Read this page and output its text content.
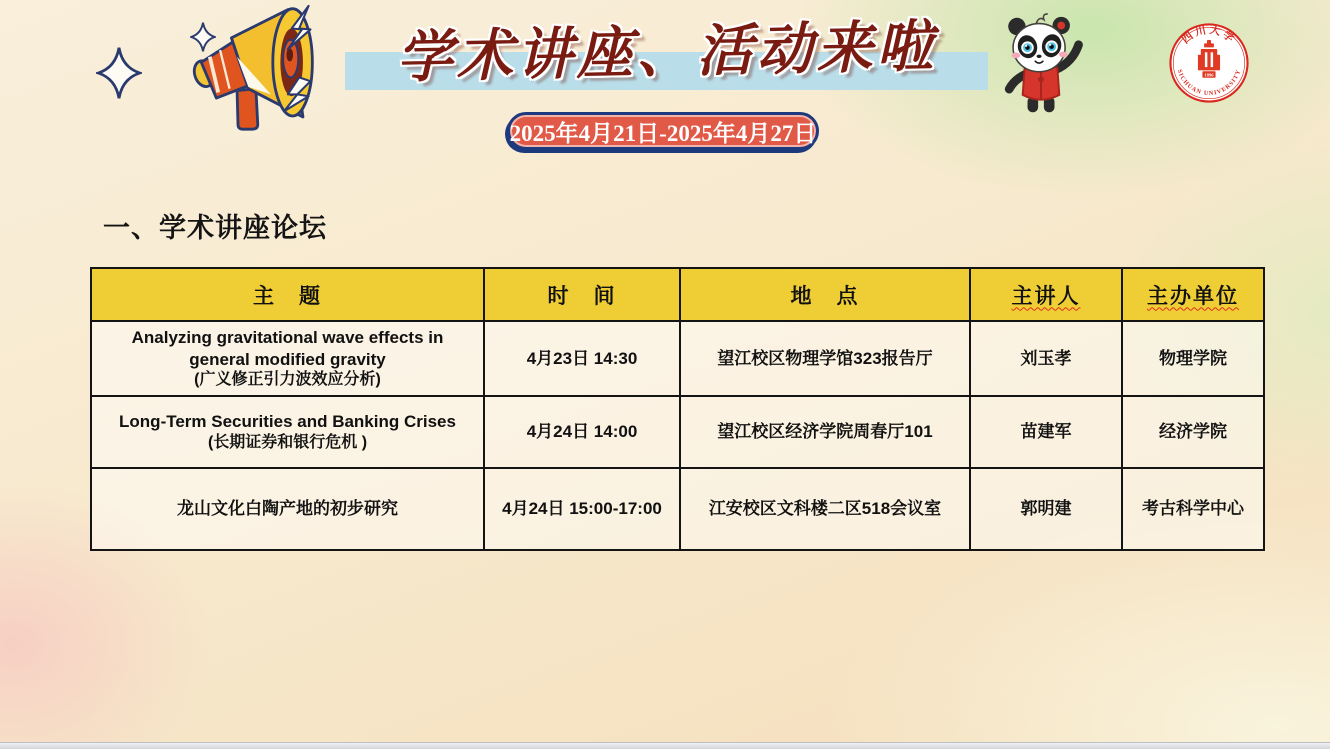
学术讲座、活动来啦
2025年4月21日-2025年4月27日
四川大学
SICHUAN UNIVERSITY
1896
一、学术讲座论坛
主　题	时　间	地　点	主讲人	主办单位
Analyzing gravitational wave effects in general modified gravity
(广义修正引力波效应分析)
4月23日 14:30	望江校区物理学馆323报告厅	刘玉孝	物理学院
Long-Term Securities and Banking Crises
(长期证券和银行危机 )
4月24日 14:00	望江校区经济学院周春厅101	苗建军	经济学院
龙山文化白陶产地的初步研究	4月24日 15:00-17:00	江安校区文科楼二区518会议室	郭明建	考古科学中心
